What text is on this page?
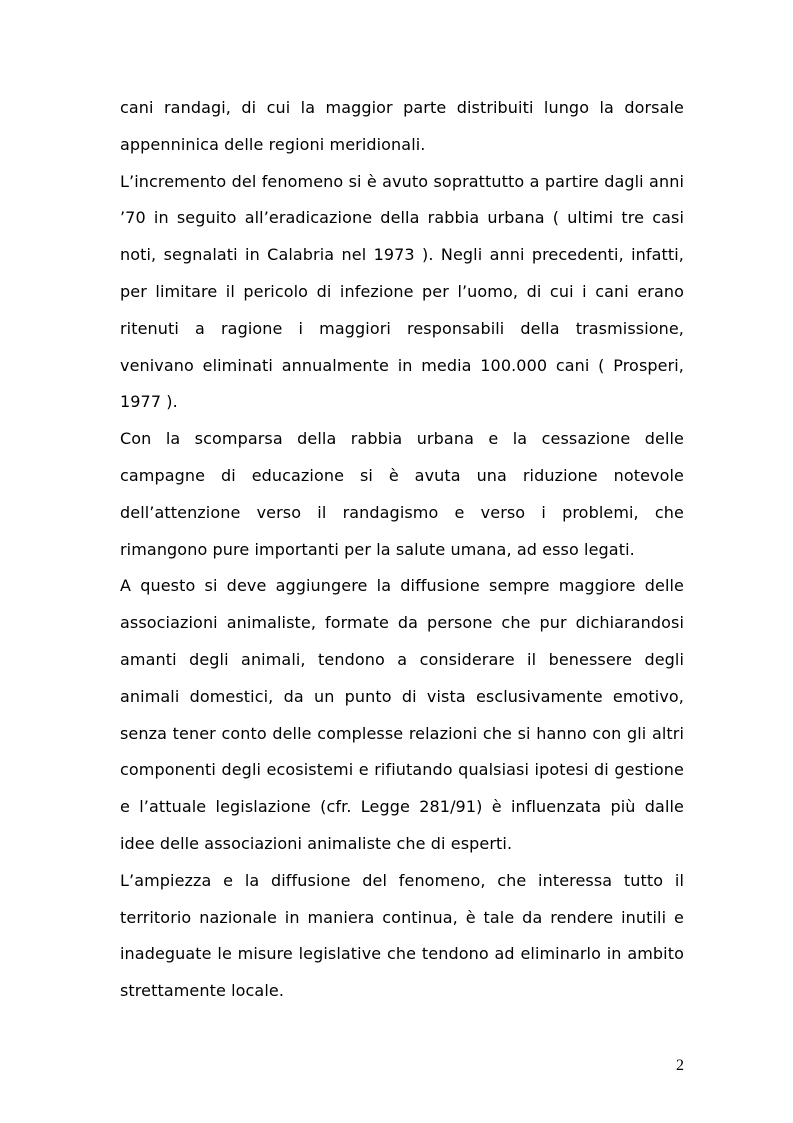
cani randagi, di cui la maggior parte distribuiti lungo la dorsale appenninica delle regioni meridionali.

L’incremento del fenomeno si è avuto soprattutto a partire dagli anni ’70 in seguito all’eradicazione della rabbia urbana ( ultimi tre casi noti, segnalati in Calabria nel 1973 ). Negli anni precedenti, infatti, per limitare il pericolo di infezione per l’uomo, di cui i cani erano ritenuti a ragione i maggiori responsabili della trasmissione, venivano eliminati annualmente in media 100.000 cani ( Prosperi, 1977 ).

Con la scomparsa della rabbia urbana e la cessazione delle campagne di educazione si è avuta una riduzione notevole dell’attenzione verso il randagismo e verso i problemi, che rimangono pure importanti per la salute umana, ad esso legati.

A questo si deve aggiungere la diffusione sempre maggiore delle associazioni animaliste, formate da persone che pur dichiarandosi amanti degli animali, tendono a considerare il benessere degli animali domestici, da un punto di vista esclusivamente emotivo, senza tener conto delle complesse relazioni che si hanno con gli altri componenti degli ecosistemi e rifiutando qualsiasi ipotesi di gestione e l’attuale legislazione (cfr. Legge 281/91) è influenzata più dalle idee delle associazioni animaliste che di esperti.

L’ampiezza e la diffusione del fenomeno, che interessa tutto il territorio nazionale in maniera continua, è tale da rendere inutili e inadeguate le misure legislative che tendono ad eliminarlo in ambito strettamente locale.

2
